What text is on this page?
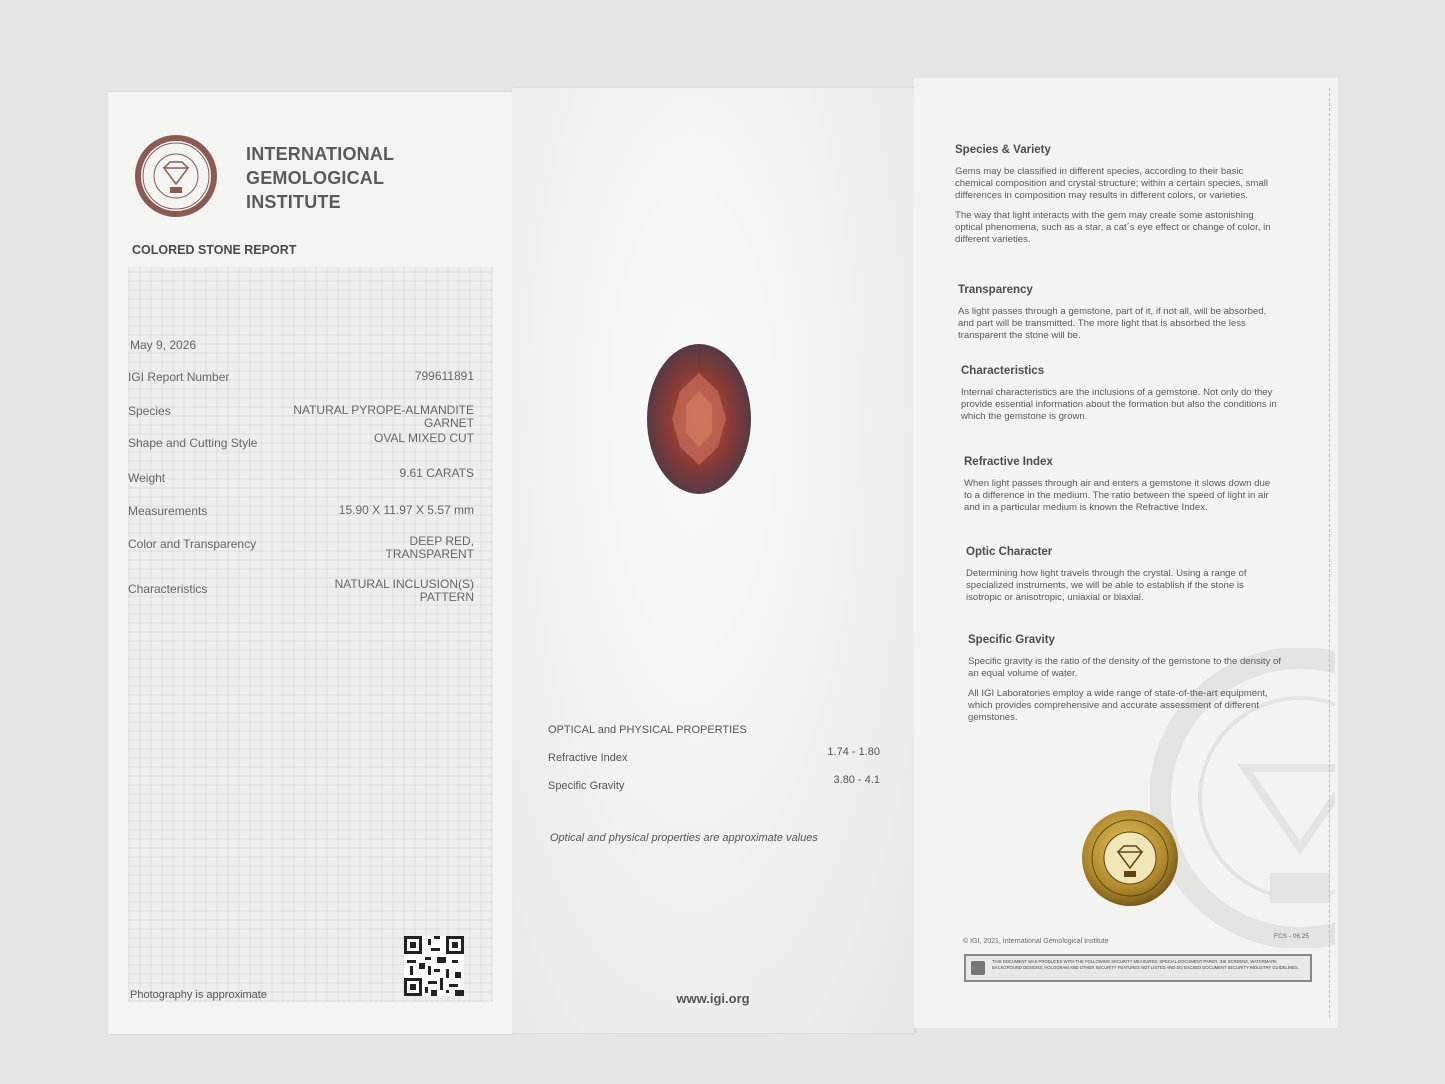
INTERNATIONAL
GEMOLOGICAL
INSTITUTE
COLORED STONE REPORT
May 9, 2026
IGI Report Number	799611891
Species	NATURAL PYROPE-ALMANDITE
GARNET
Shape and Cutting Style	OVAL MIXED CUT
Weight	9.61 CARATS
Measurements	15.90 X 11.97 X 5.57 mm
Color and Transparency	DEEP RED,
TRANSPARENT
Characteristics	NATURAL INCLUSION(S)
PATTERN
Photography is approximate
OPTICAL and PHYSICAL PROPERTIES
Refractive Index	1.74 - 1.80
Specific Gravity	3.80 - 4.1
Optical and physical properties are approximate values
www.igi.org
Species & Variety

Gems may be classified in different species, according to their basic chemical composition and crystal structure; within a certain species, small differences in composition may results in different colors, or varieties.

The way that light interacts with the gem may create some astonishing optical phenomena, such as a star, a cat´s eye effect or change of color, in different varieties.

Transparency

As light passes through a gemstone, part of it, if not all, will be absorbed, and part will be transmitted. The more light that is absorbed the less transparent the stone will be.

Characteristics

Internal characteristics are the inclusions of a gemstone. Not only do they provide essential information about the formation but also the conditions in which the gemstone is grown.

Refractive Index

When light passes through air and enters a gemstone it slows down due to a difference in the medium. The ratio between the speed of light in air and in a particular medium is known the Refractive Index.

Optic Character

Determining how light travels through the crystal. Using a range of specialized instruments, we will be able to establish if the stone is isotropic or anisotropic, uniaxial or biaxial.

Specific Gravity

Specific gravity is the ratio of the density of the gemstone to the density of an equal volume of water.

All IGI Laboratories employ a wide range of state-of-the-art equipment, which provides comprehensive and accurate assessment of different gemstones.

© IGI, 2021, International Gemological Institute
FCS - 06.25
THIS DOCUMENT WAS PRODUCED WITH THE FOLLOWING SECURITY MEASURES: SPECIAL DOCUMENT PAPER, INK SCREENS, WATERMARK BACKGROUND DESIGNS, HOLOGRAM AND OTHER SECURITY FEATURES NOT LISTED AND DO EXCEED DOCUMENT SECURITY INDUSTRY GUIDELINES.
